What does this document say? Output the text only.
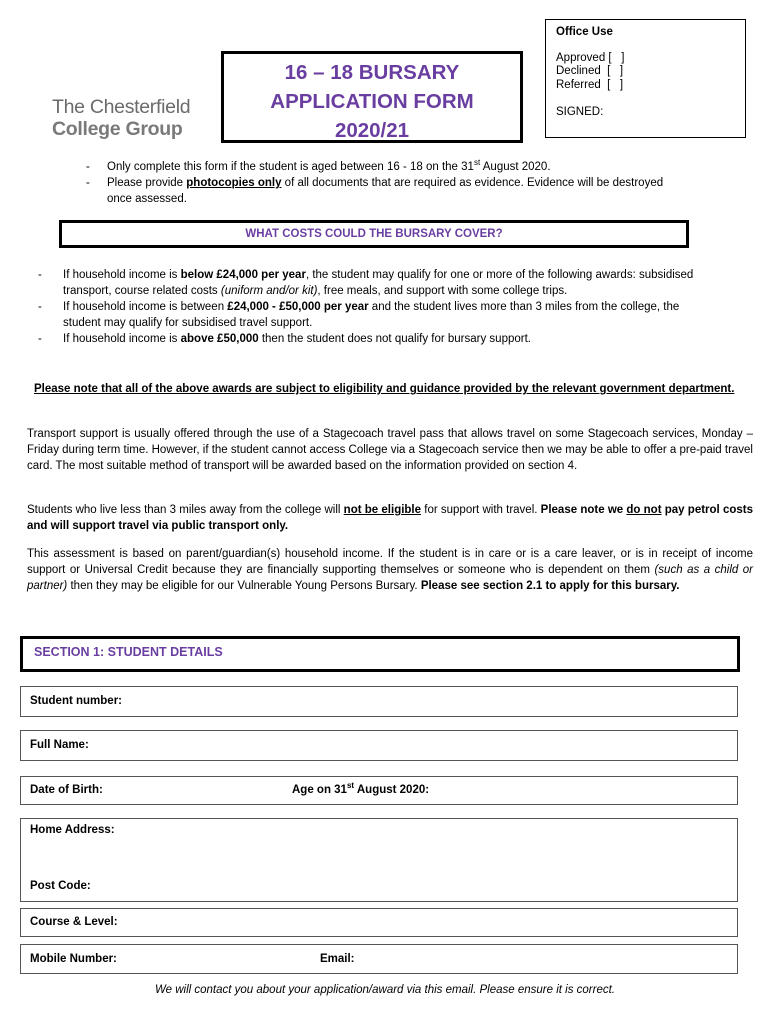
The Chesterfield
College Group
16 – 18 BURSARY
APPLICATION FORM
2020/21
Office Use
Approved [   ]
Declined  [   ]
Referred  [   ]
SIGNED:
-	Only complete this form if the student is aged between 16 - 18 on the 31st August 2020.
-	Please provide photocopies only of all documents that are required as evidence. Evidence will be destroyed once assessed.
WHAT COSTS COULD THE BURSARY COVER?
-	If household income is below £24,000 per year, the student may qualify for one or more of the following awards: subsidised transport, course related costs (uniform and/or kit), free meals, and support with some college trips.
-	If household income is between £24,000 - £50,000 per year and the student lives more than 3 miles from the college, the student may qualify for subsidised travel support.
-	If household income is above £50,000 then the student does not qualify for bursary support.
Please note that all of the above awards are subject to eligibility and guidance provided by the relevant government department.
Transport support is usually offered through the use of a Stagecoach travel pass that allows travel on some Stagecoach services, Monday – Friday during term time. However, if the student cannot access College via a Stagecoach service then we may be able to offer a pre-paid travel card. The most suitable method of transport will be awarded based on the information provided on section 4.
Students who live less than 3 miles away from the college will not be eligible for support with travel. Please note we do not pay petrol costs and will support travel via public transport only.
This assessment is based on parent/guardian(s) household income. If the student is in care or is a care leaver, or is in receipt of income support or Universal Credit because they are financially supporting themselves or someone who is dependent on them (such as a child or partner) then they may be eligible for our Vulnerable Young Persons Bursary. Please see section 2.1 to apply for this bursary.
SECTION 1: STUDENT DETAILS
Student number:
Full Name:
Date of Birth:	Age on 31st August 2020:
Home Address:
Post Code:
Course & Level:
Mobile Number:	Email:
We will contact you about your application/award via this email. Please ensure it is correct.
